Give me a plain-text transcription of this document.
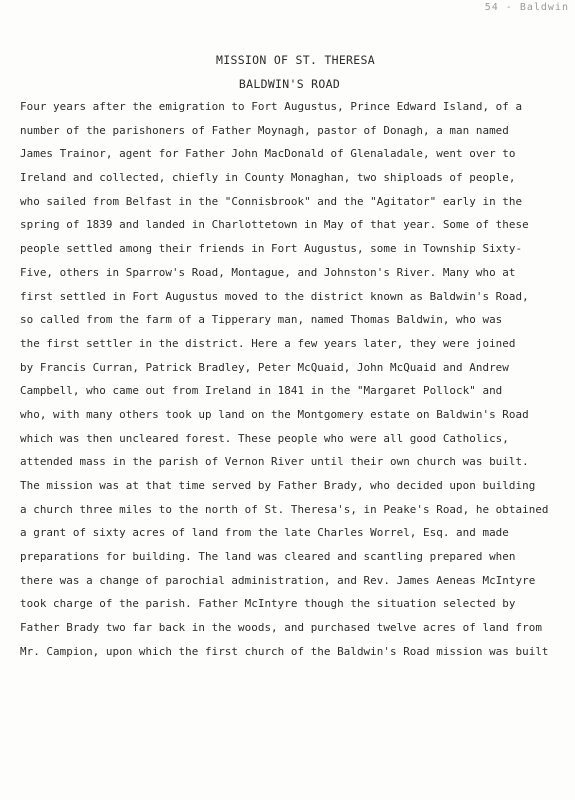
54 - Baldwin
MISSION OF ST. THERESA
BALDWIN'S ROAD
Four years after the emigration to Fort Augustus, Prince Edward Island, of a
number of the parishoners of Father Moynagh, pastor of Donagh, a man named
James Trainor, agent for Father John MacDonald of Glenaladale, went over to
Ireland and collected, chiefly in County Monaghan, two shiploads of people,
who sailed from Belfast in the "Connisbrook" and the "Agitator" early in the
spring of 1839 and landed in Charlottetown in May of that year. Some of these
people settled among their friends in Fort Augustus, some in Township Sixty-
Five, others in Sparrow's Road, Montague, and Johnston's River. Many who at
first settled in Fort Augustus moved to the district known as Baldwin's Road,
so called from the farm of a Tipperary man, named Thomas Baldwin, who was
the first settler in the district. Here a few years later, they were joined
by Francis Curran, Patrick Bradley, Peter McQuaid, John McQuaid and Andrew
Campbell, who came out from Ireland in 1841 in the "Margaret Pollock" and
who, with many others took up land on the Montgomery estate on Baldwin's Road
which was then uncleared forest. These people who were all good Catholics,
attended mass in the parish of Vernon River until their own church was built.
The mission was at that time served by Father Brady, who decided upon building
a church three miles to the north of St. Theresa's, in Peake's Road, he obtained
a grant of sixty acres of land from the late Charles Worrel, Esq. and made
preparations for building. The land was cleared and scantling prepared when
there was a change of parochial administration, and Rev. James Aeneas McIntyre
took charge of the parish. Father McIntyre though the situation selected by
Father Brady two far back in the woods, and purchased twelve acres of land from
Mr. Campion, upon which the first church of the Baldwin's Road mission was built
